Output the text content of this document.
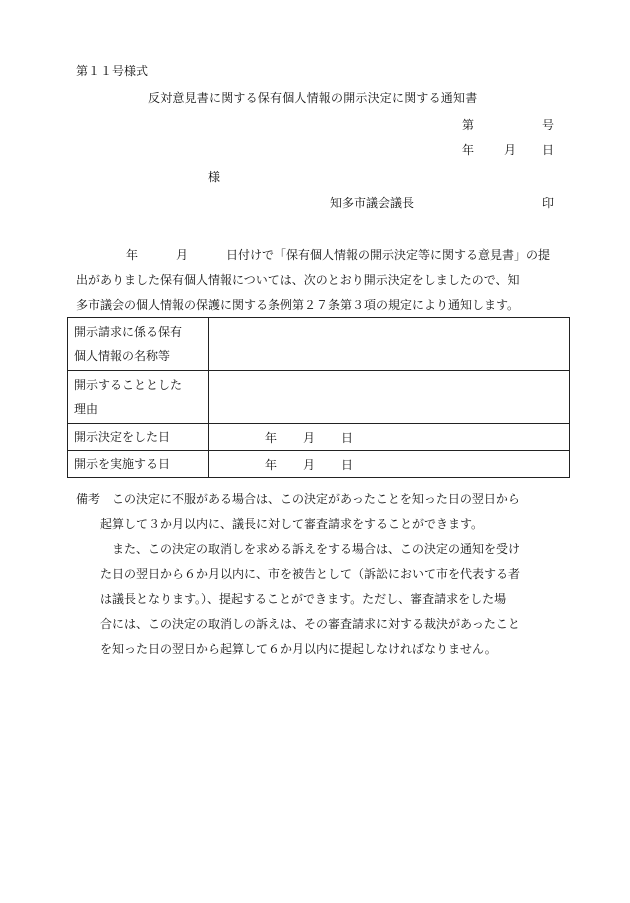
第１１号様式
反対意見書に関する保有個人情報の開示決定に関する通知書
第	号
年 月 日
様
知多市議会議長	印
年	月	日付けで「保有個人情報の開示決定等に関する意見書」の提
出がありました保有個人情報については、次のとおり開示決定をしましたので、知
多市議会の個人情報の保護に関する条例第２７条第３項の規定により通知します。
開示請求に係る保有
個人情報の名称等	

開示することとした
理由	

開示決定をした日	年 月 日
開示を実施する日	年 月 日
備考　この決定に不服がある場合は、この決定があったことを知った日の翌日から
起算して３か月以内に、議長に対して審査請求をすることができます。
また、この決定の取消しを求める訴えをする場合は、この決定の通知を受け
た日の翌日から６か月以内に、市を被告として（訴訟において市を代表する者
は議長となります。）、提起することができます。ただし、審査請求をした場
合には、この決定の取消しの訴えは、その審査請求に対する裁決があったこと
を知った日の翌日から起算して６か月以内に提起しなければなりません。
